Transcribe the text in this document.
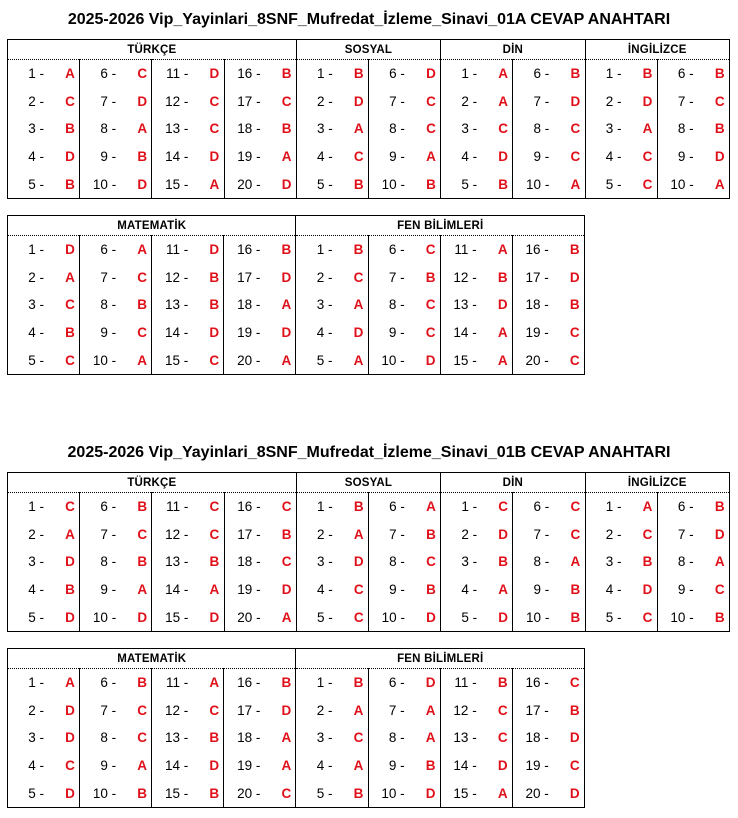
2025-2026 Vip_Yayinlari_8SNF_Mufredat_İzleme_Sinavi_01A CEVAP ANAHTARI
TÜRKÇE				SOSYAL		DİN		İNGİLİZCE	

1 - A	6 - C	11 - D	16 - B	1 - B	6 - D	1 - A	6 - B	1 - B	6 - B

2 - C	7 - D	12 - C	17 - C	2 - D	7 - C	2 - A	7 - D	2 - D	7 - C

3 - B	8 - A	13 - C	18 - B	3 - A	8 - C	3 - C	8 - C	3 - A	8 - B

4 - D	9 - B	14 - D	19 - A	4 - C	9 - A	4 - D	9 - C	4 - C	9 - D

5 - B	10 - D	15 - A	20 - D	5 - B	10 - B	5 - B	10 - A	5 - C	10 - A
MATEMATİK				FEN BİLİMLERİ			

1 - D	6 - A	11 - D	16 - B	1 - B	6 - C	11 - A	16 - B

2 - A	7 - C	12 - B	17 - D	2 - C	7 - B	12 - B	17 - D

3 - C	8 - B	13 - B	18 - A	3 - A	8 - C	13 - D	18 - B

4 - B	9 - C	14 - D	19 - D	4 - D	9 - C	14 - A	19 - C

5 - C	10 - A	15 - C	20 - A	5 - A	10 - D	15 - A	20 - C
2025-2026 Vip_Yayinlari_8SNF_Mufredat_İzleme_Sinavi_01B CEVAP ANAHTARI
TÜRKÇE				SOSYAL		DİN		İNGİLİZCE	

1 - C	6 - B	11 - C	16 - C	1 - B	6 - A	1 - C	6 - C	1 - A	6 - B

2 - A	7 - C	12 - C	17 - B	2 - A	7 - B	2 - D	7 - C	2 - C	7 - D

3 - D	8 - B	13 - B	18 - C	3 - D	8 - C	3 - B	8 - A	3 - B	8 - A

4 - B	9 - A	14 - A	19 - D	4 - C	9 - B	4 - A	9 - B	4 - D	9 - C

5 - D	10 - D	15 - D	20 - A	5 - C	10 - D	5 - D	10 - B	5 - C	10 - B
MATEMATİK				FEN BİLİMLERİ			

1 - A	6 - B	11 - A	16 - B	1 - B	6 - D	11 - B	16 - C

2 - D	7 - C	12 - C	17 - D	2 - A	7 - A	12 - C	17 - B

3 - D	8 - C	13 - B	18 - A	3 - C	8 - A	13 - C	18 - D

4 - C	9 - A	14 - D	19 - A	4 - A	9 - B	14 - D	19 - C

5 - D	10 - B	15 - B	20 - C	5 - B	10 - D	15 - A	20 - D
